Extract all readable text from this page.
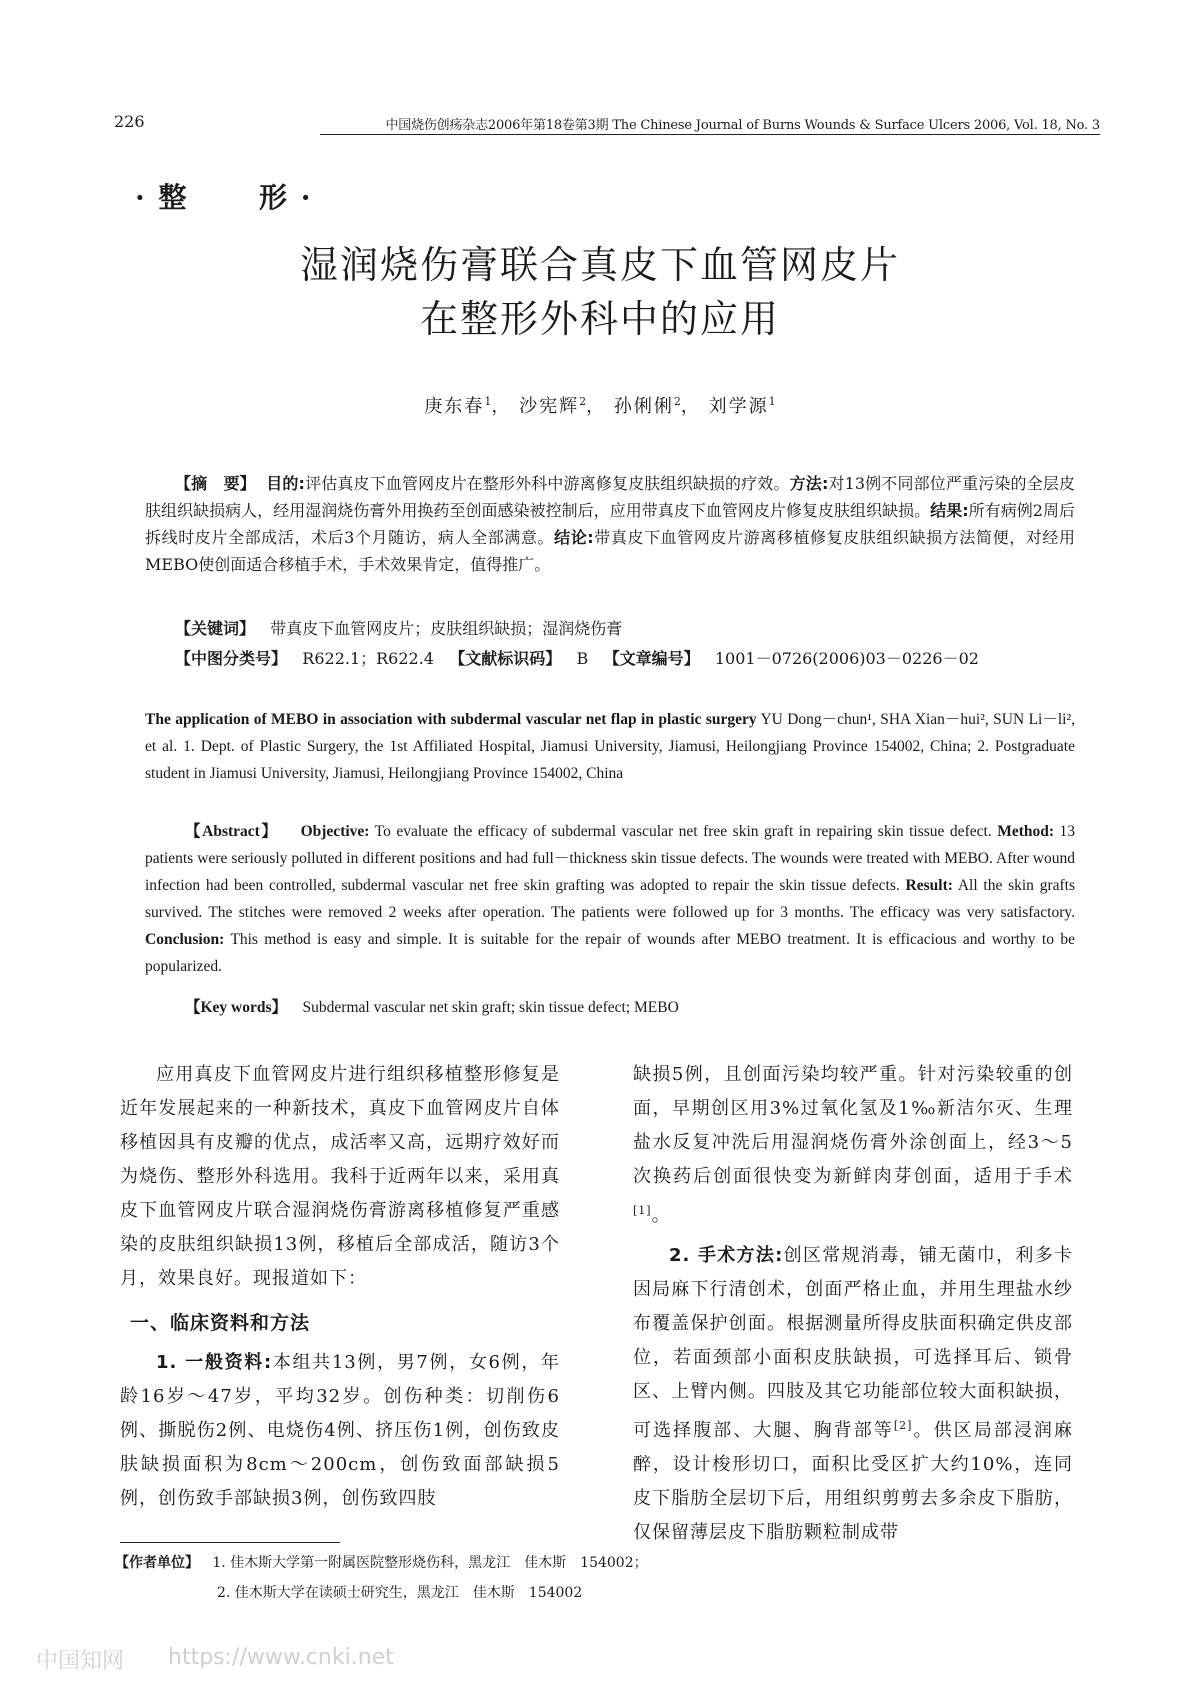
226	中国烧伤创疡杂志2006年第18卷第3期 The Chinese Journal of Burns Wounds & Surface Ulcers 2006, Vol. 18, No. 3
· 整      形 ·
湿润烧伤膏联合真皮下血管网皮片
在整形外科中的应用
庚东春$^1$， 沙宪辉$^2$， 孙俐俐$^2$， 刘学源$^1$
【摘　要】 目的:评估真皮下血管网皮片在整形外科中游离修复皮肤组织缺损的疗效。方法:对13例不同部位严重污染的全层皮肤组织缺损病人，经用湿润烧伤膏外用换药至创面感染被控制后，应用带真皮下血管网皮片修复皮肤组织缺损。结果:所有病例2周后拆线时皮片全部成活，术后3个月随访，病人全部满意。结论:带真皮下血管网皮片游离移植修复皮肤组织缺损方法简便，对经用MEBO使创面适合移植手术，手术效果肯定，值得推广。
【关键词】 带真皮下血管网皮片；皮肤组织缺损；湿润烧伤膏
【中图分类号】 R622.1；R622.4 【文献标识码】 B 【文章编号】 1001－0726(2006)03－0226－02
The application of MEBO in association with subdermal vascular net flap in plastic surgery YU Dong－chun¹, SHA Xian－hui², SUN Li－li², et al. 1. Dept. of Plastic Surgery, the 1st Affiliated Hospital, Jiamusi University, Jiamusi, Heilongjiang Province 154002, China; 2. Postgraduate student in Jiamusi University, Jiamusi, Heilongjiang Province 154002, China
【Abstract】 Objective: To evaluate the efficacy of subdermal vascular net free skin graft in repairing skin tissue defect. Method: 13 patients were seriously polluted in different positions and had full－thickness skin tissue defects. The wounds were treated with MEBO. After wound infection had been controlled, subdermal vascular net free skin grafting was adopted to repair the skin tissue defects. Result: All the skin grafts survived. The stitches were removed 2 weeks after operation. The patients were followed up for 3 months. The efficacy was very satisfactory. Conclusion: This method is easy and simple. It is suitable for the repair of wounds after MEBO treatment. It is efficacious and worthy to be popularized.
【Key words】 Subdermal vascular net skin graft; skin tissue defect; MEBO

应用真皮下血管网皮片进行组织移植整形修复是近年发展起来的一种新技术，真皮下血管网皮片自体移植因具有皮瓣的优点，成活率又高，远期疗效好而为烧伤、整形外科选用。我科于近两年以来，采用真皮下血管网皮片联合湿润烧伤膏游离移植修复严重感染的皮肤组织缺损13例，移植后全部成活，随访3个月，效果良好。现报道如下：

一、临床资料和方法

1. 一般资料:本组共13例，男7例，女6例，年龄16岁～47岁，平均32岁。创伤种类：切削伤6例、撕脱伤2例、电烧伤4例、挤压伤1例，创伤致皮肤缺损面积为8cm～200cm，创伤致面部缺损5例，创伤致手部缺损3例，创伤致四肢

缺损5例，且创面污染均较严重。针对污染较重的创面，早期创区用3%过氧化氢及1‰新洁尔灭、生理盐水反复冲洗后用湿润烧伤膏外涂创面上，经3～5次换药后创面很快变为新鲜肉芽创面，适用于手术[1]。

2. 手术方法:创区常规消毒，铺无菌巾，利多卡因局麻下行清创术，创面严格止血，并用生理盐水纱布覆盖保护创面。根据测量所得皮肤面积确定供皮部位，若面颈部小面积皮肤缺损，可选择耳后、锁骨区、上臂内侧。四肢及其它功能部位较大面积缺损，可选择腹部、大腿、胸背部等[2]。供区局部浸润麻醉，设计梭形切口，面积比受区扩大约10%，连同皮下脂肪全层切下后，用组织剪剪去多余皮下脂肪，仅保留薄层皮下脂肪颗粒制成带

【作者单位】 1. 佳木斯大学第一附属医院整形烧伤科，黑龙江　佳木斯　154002；
2. 佳木斯大学在读硕士研究生，黑龙江　佳木斯　154002
中国知网 https://www.cnki.net
